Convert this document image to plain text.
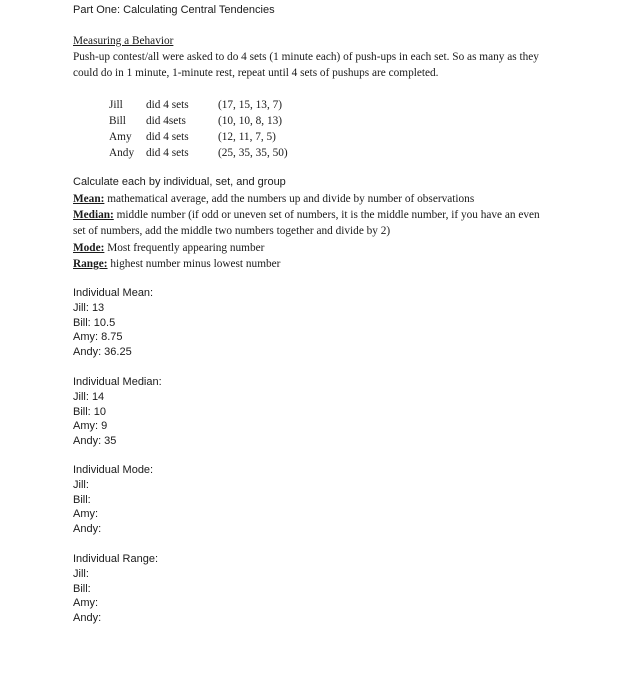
Part One: Calculating Central Tendencies
Measuring a Behavior
Push-up contest/all were asked to do 4 sets (1 minute each) of push-ups in each set. So as many as they could do in 1 minute, 1-minute rest, repeat until 4 sets of pushups are completed.
Jill	did 4 sets	(17, 15, 13, 7)
Bill	did 4sets	(10, 10, 8, 13)
Amy	did 4 sets	(12, 11, 7, 5)
Andy	did 4 sets	(25, 35, 35, 50)
Calculate each by individual, set, and group

Mean: mathematical average, add the numbers up and divide by number of observations

Median: middle number (if odd or uneven set of numbers, it is the middle number, if you have an even set of numbers, add the middle two numbers together and divide by 2)

Mode: Most frequently appearing number

Range: highest number minus lowest number

Individual Mean:
Jill: 13
Bill: 10.5
Amy: 8.75
Andy: 36.25
Individual Median:
Jill: 14
Bill: 10
Amy: 9
Andy: 35
Individual Mode:
Jill:
Bill:
Amy:
Andy:
Individual Range:
Jill:
Bill:
Amy:
Andy:
